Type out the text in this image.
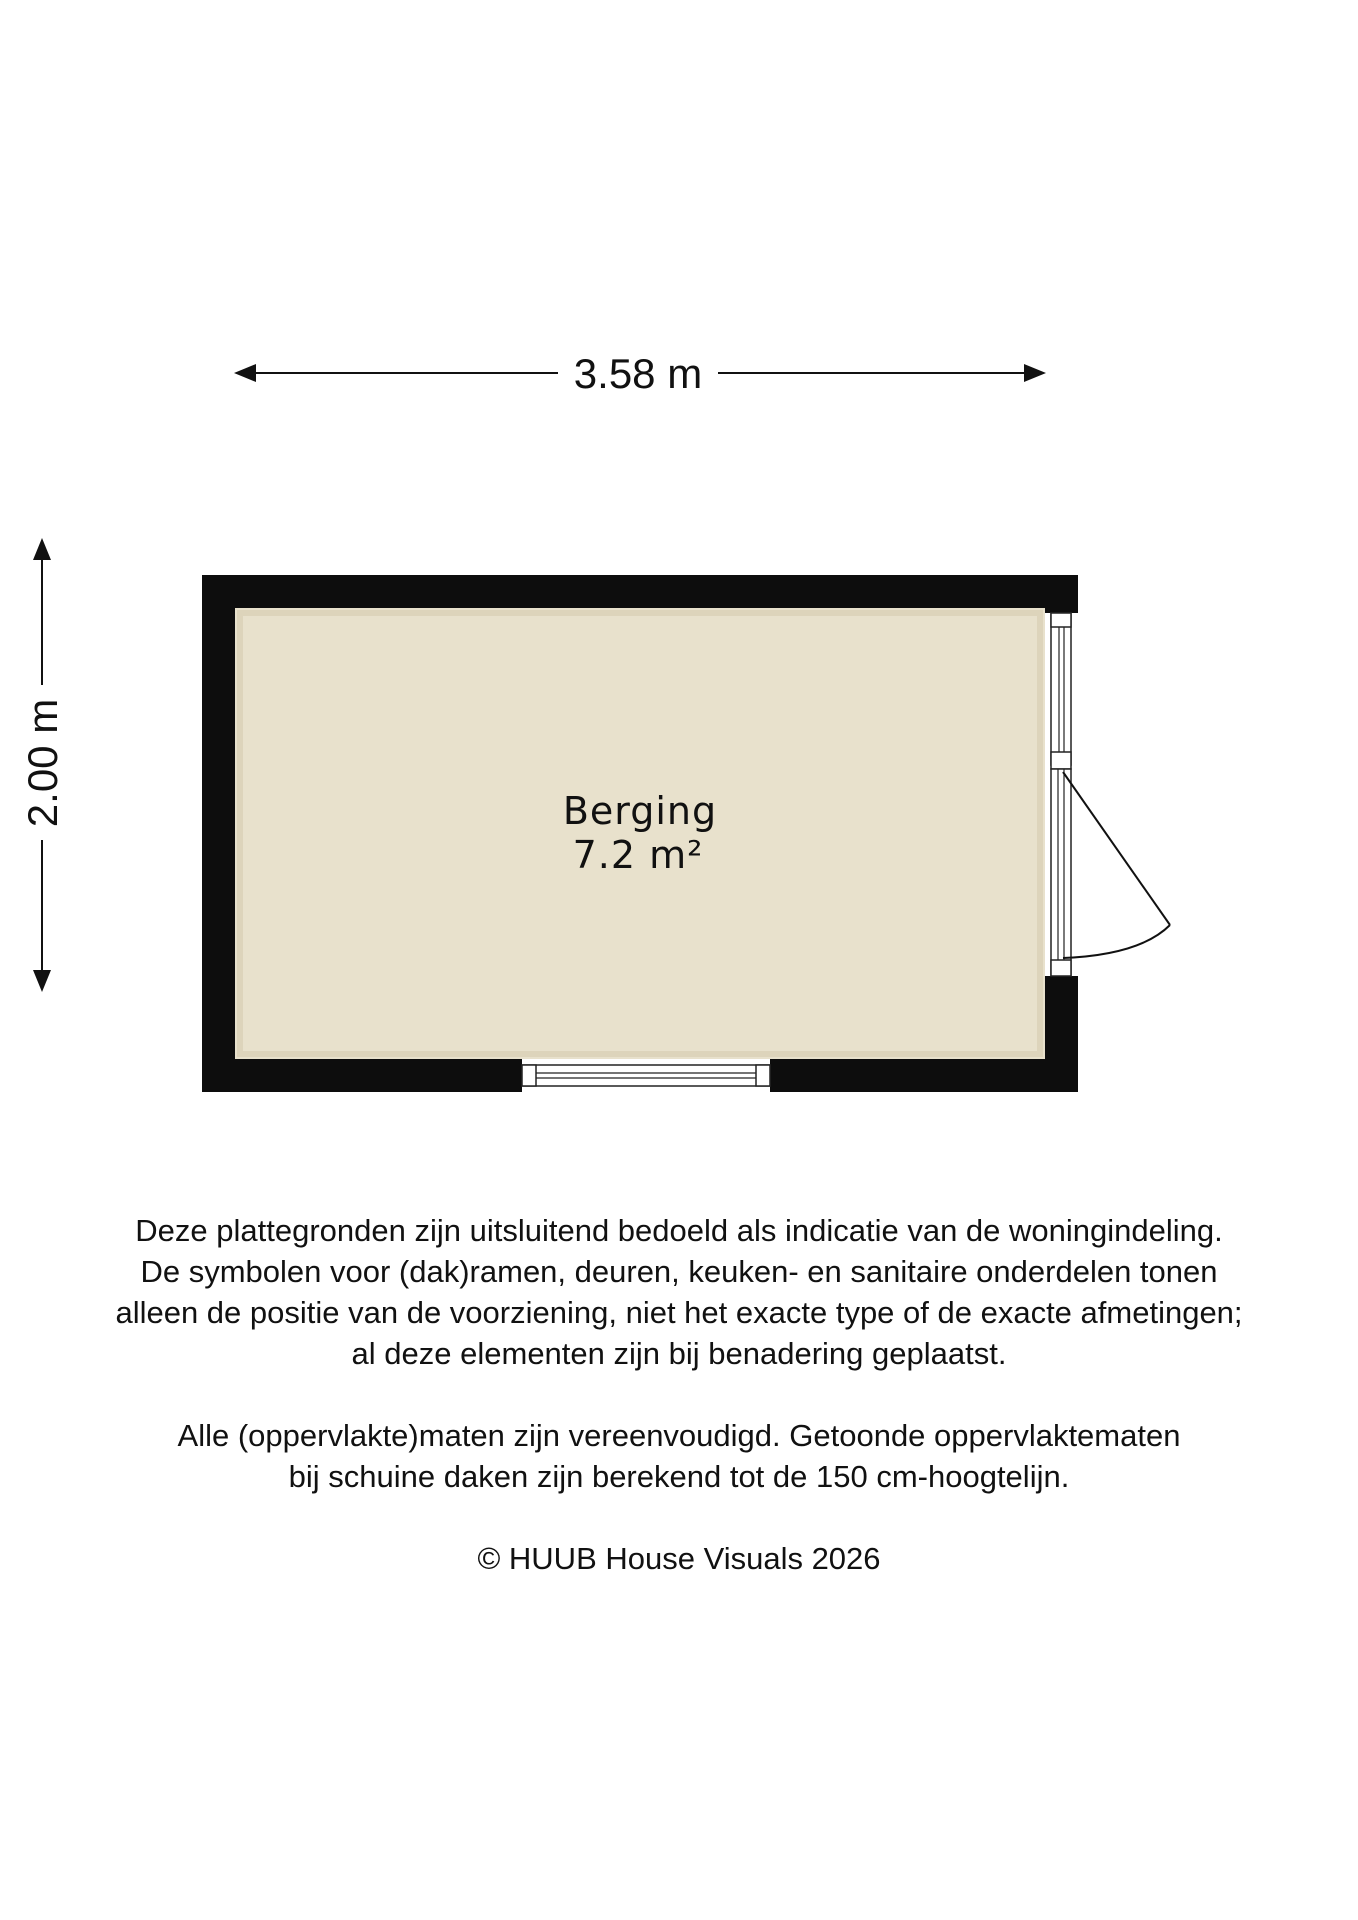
3.58 m
2.00 m	Berging
7.2 m²

Deze plattegronden zijn uitsluitend bedoeld als indicatie van de woningindeling.

De symbolen voor (dak)ramen, deuren, keuken- en sanitaire onderdelen tonen

alleen de positie van de voorziening, niet het exacte type of de exacte afmetingen;

al deze elementen zijn bij benadering geplaatst.

Alle (oppervlakte)maten zijn vereenvoudigd. Getoonde oppervlaktematen

bij schuine daken zijn berekend tot de 150 cm-hoogtelijn.

© HUUB House Visuals 2026
